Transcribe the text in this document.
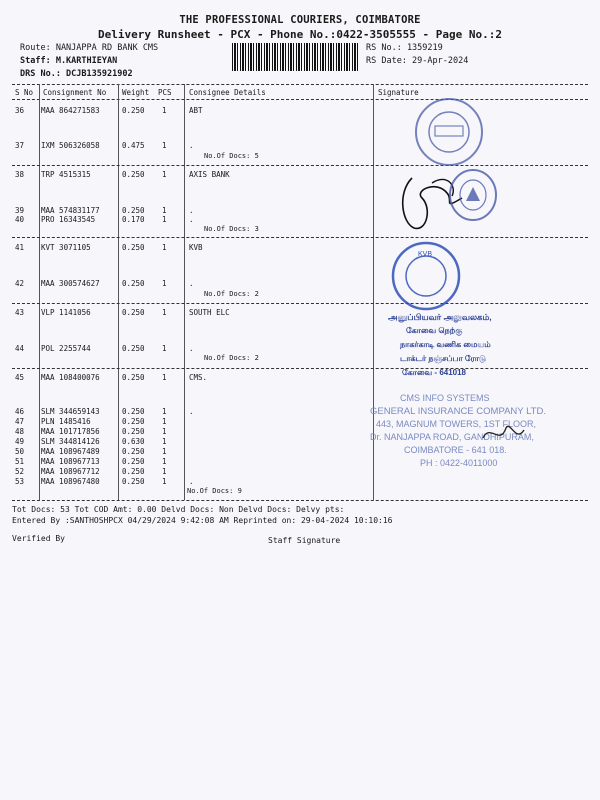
THE PROFESSIONAL COURIERS, COIMBATORE
Delivery Runsheet - PCX - Phone No.:0422-3505555 - Page No.:2
Route: NANJAPPA RD BANK CMS
Staff: M.KARTHIEYAN
DRS No.: DCJB135921902
RS No.: 1359219
RS Date: 29-Apr-2024
S No Consignment No Weight PCS Consignee Details	Signature
36 MAA 864271583	0.250 1	ABT
37 IXM 506326058	0.475 1	.
No.Of Docs: 5
38 TRP 4515315	0.250 1	AXIS BANK
39 MAA 574831177	0.250 1	.
40 PRO 16343545	0.170 1	.
No.Of Docs: 3
41 KVT 3071105	0.250 1	KVB
42 MAA 300574627	0.250 1	.
No.Of Docs: 2
43 VLP 1141056	0.250 1	SOUTH ELC
44 POL 2255744	0.250 1	.
No.Of Docs: 2
45 MAA 108400076	0.250 1	CMS.
46 SLM 344659143	0.250 1	.
47 PLN 1485416	0.250 1
48 MAA 101717856	0.250 1
49 SLM 344814126	0.630 1
50 MAA 108967489	0.250 1
51 MAA 108967713	0.250 1
52 MAA 108967712	0.250 1
53 MAA 108967480	0.250 1	.
No.Of Docs: 9
Tot Docs: 53 Tot COD Amt: 0.00 Delvd Docs: Non Delvd Docs: Delvy pts:
Entered By :SANTHOSHPCX 04/29/2024 9:42:08 AM Reprinted on: 29-04-2024 10:10:16
Verified By	Staff Signature
KVB
அனுப்பியவர் அலுவலகம்,
கோவை நெற்கு
நாகர்காடி வணிக மையம்
டாக்டர் நஞ்சப்பா ரோடு
கோவை - 641018
CMS INFO SYSTEMS
GENERAL INSURANCE COMPANY LTD.
443, MAGNUM TOWERS, 1ST FLOOR,
Dr. NANJAPPA ROAD, GANDHIPURAM,
COIMBATORE - 641 018.
PH : 0422-4011000
